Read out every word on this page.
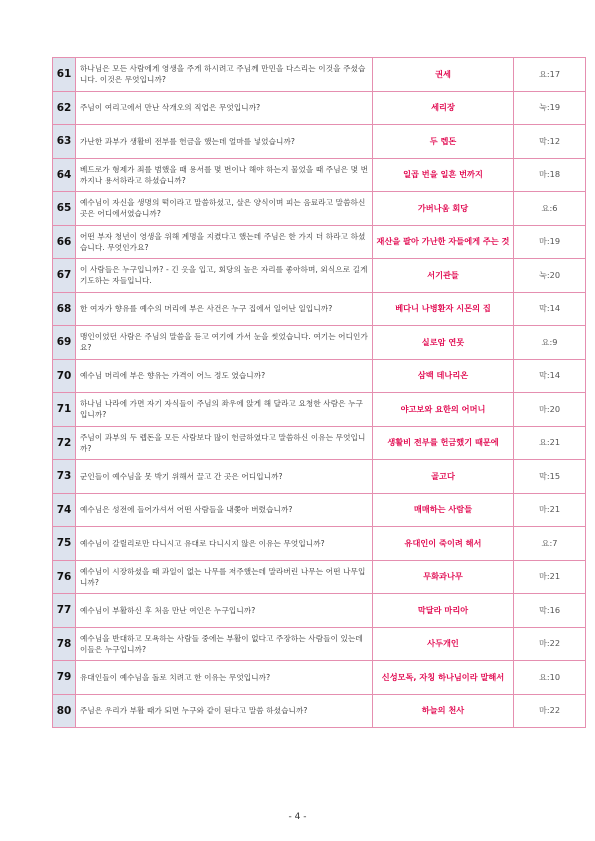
61	하나님은 모든 사람에게 영생을 주게 하시려고 주님께 만민을 다스리는 이것을 주셨습니다. 이것은 무엇입니까?	권세	요:17
62	주님이 여리고에서 만난 삭개오의 직업은 무엇입니까?	세리장	눅:19
63	가난한 과부가 생활비 전부를 헌금을 했는데 얼마를 넣었습니까?	두 렙돈	막:12
64	베드로가 형제가 죄를 범했을 때 용서를 몇 번이나 해야 하는지 물었을 때 주님은 몇 번까지나 용서하라고 하셨습니까?	일곱 번을 일흔 번까지	마:18
65	예수님이 자신을 생명의 떡이라고 말씀하셨고, 살은 양식이며 피는 음료라고 말씀하신 곳은 어디에서였습니까?	가버나움 회당	요:6
66	어떤 부자 청년이 영생을 위해 계명을 지켰다고 했는데 주님은 한 가지 더 하라고 하셨습니다. 무엇인가요?	재산을 팔아 가난한 자들에게 주는 것	마:19
67	이 사람들은 누구입니까? - 긴 옷을 입고, 회당의 높은 자리를 좋아하며, 외식으로 길게 기도하는 자들입니다.	서기관들	눅:20
68	한 여자가 향유를 예수의 머리에 부은 사건은 누구 집에서 일어난 일입니까?	베다니 나병환자 시몬의 집	막:14
69	맹인이었던 사람은 주님의 말씀을 듣고 여기에 가서 눈을 씻었습니다. 여기는 어디인가요?	실로암 연못	요:9
70	예수님 머리에 부은 향유는 가격이 어느 정도 였습니까?	삼백 데나리온	막:14
71	하나님 나라에 가면 자기 자식들이 주님의 좌우에 앉게 해 달라고 요청한 사람은 누구입니까?	야고보와 요한의 어머니	마:20
72	주님이 과부의 두 렙돈을 모든 사람보다 많이 헌금하였다고 말씀하신 이유는 무엇입니까?	생활비 전부를 헌금했기 때문에	요:21
73	군인들이 예수님을 못 박기 위해서 끌고 간 곳은 어디입니까?	골고다	막:15
74	예수님은 성전에 들어가셔서 어떤 사람들을 내쫓아 버렸습니까?	매매하는 사람들	마:21
75	예수님이 갈릴리로만 다니시고 유대로 다니시지 않은 이유는 무엇입니까?	유대인이 죽이려 해서	요:7
76	예수님이 시장하셨을 때 과일이 없는 나무를 저주했는데 말라버린 나무는 어떤 나무입니까?	무화과나무	마:21
77	예수님이 부활하신 후 처음 만난 여인은 누구입니까?	막달라 마리아	막:16
78	예수님을 반대하고 모욕하는 사람들 중에는 부활이 없다고 주장하는 사람들이 있는데 이들은 누구입니까?	사두개인	마:22
79	유대인들이 예수님을 돌로 치려고 한 이유는 무엇입니까?	신성모독, 자칭 하나님이라 말해서	요:10
80	주님은 우리가 부활 때가 되면 누구와 같이 된다고 말씀 하셨습니까?	하늘의 천사	마:22
- 4 -
